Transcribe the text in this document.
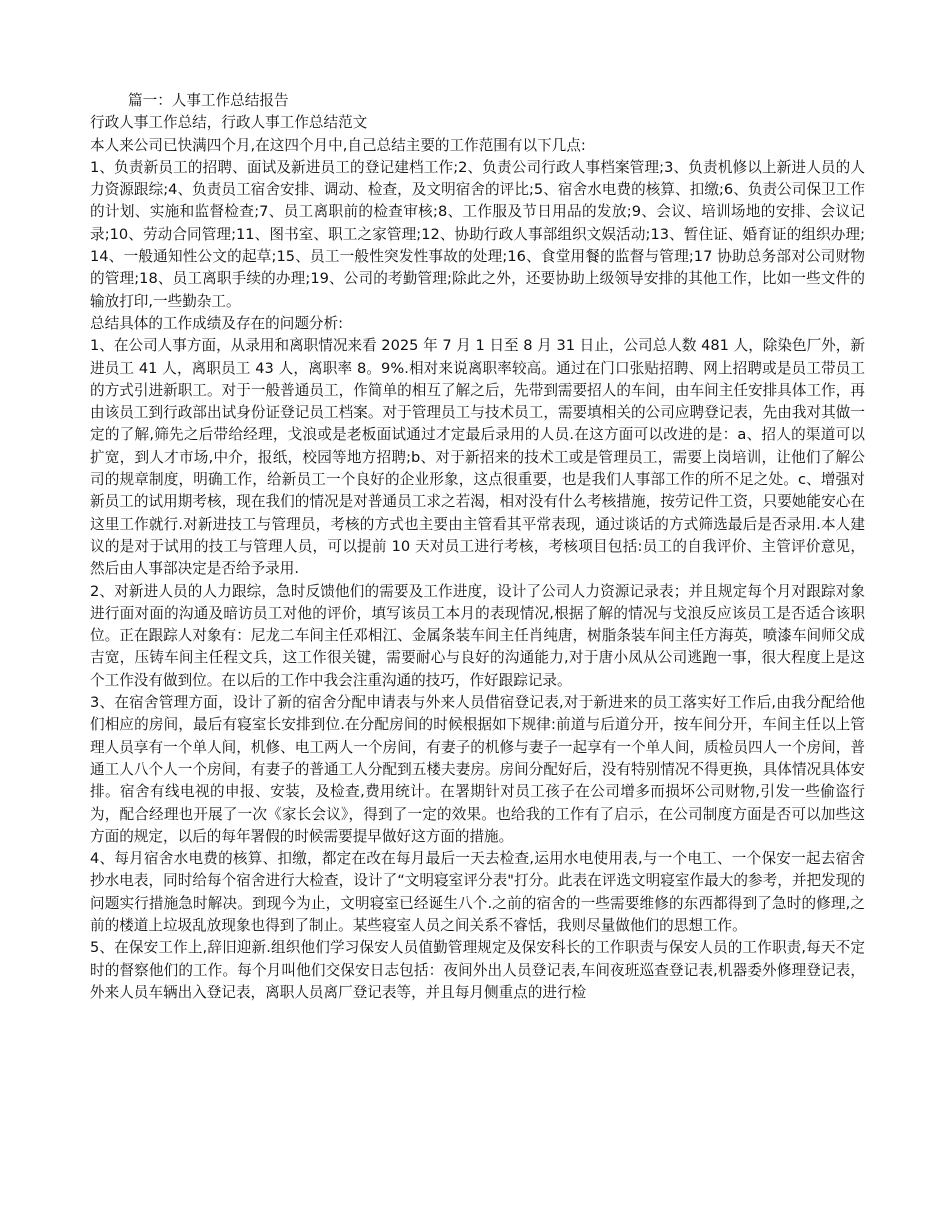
篇一：人事工作总结报告

行政人事工作总结，行政人事工作总结范文

本人来公司已快满四个月,在这四个月中,自己总结主要的工作范围有以下几点:

1、负责新员工的招聘、面试及新进员工的登记建档工作;2、负责公司行政人事档案管理;3、负责机修以上新进人员的人力资源跟综;4、负责员工宿舍安排、调动、检查，及文明宿舍的评比;5、宿舍水电费的核算、扣缴;6、负责公司保卫工作的计划、实施和监督检查;7、员工离职前的检查审核;8、工作服及节日用品的发放;9、会议、培训场地的安排、会议记录;10、劳动合同管理;11、图书室、职工之家管理;12、协助行政人事部组织文娱活动;13、暂住证、婚育证的组织办理;14、一般通知性公文的起草;15、员工一般性突发性事故的处理;16、食堂用餐的监督与管理;17 协助总务部对公司财物的管理;18、员工离职手续的办理;19、公司的考勤管理;除此之外，还要协助上级领导安排的其他工作，比如一些文件的输放打印,一些勤杂工。

总结具体的工作成绩及存在的问题分析:

1、在公司人事方面，从录用和离职情况来看 2025 年 7 月 1 日至 8 月 31 日止，公司总人数 481 人，除染色厂外，新进员工 41 人，离职员工 43 人，离职率 8。9%.相对来说离职率较高。通过在门口张贴招聘、网上招聘或是员工带员工的方式引进新职工。对于一般普通员工，作简单的相互了解之后，先带到需要招人的车间，由车间主任安排具体工作，再由该员工到行政部出试身份证登记员工档案。对于管理员工与技术员工，需要填相关的公司应聘登记表，先由我对其做一定的了解,筛先之后带给经理，戈浪或是老板面试通过才定最后录用的人员.在这方面可以改进的是：a、招人的渠道可以扩宽，到人才市场,中介，报纸，校园等地方招聘;b、对于新招来的技术工或是管理员工，需要上岗培训，让他们了解公司的规章制度，明确工作，给新员工一个良好的企业形象，这点很重要，也是我们人事部工作的所不足之处。c、增强对新员工的试用期考核，现在我们的情况是对普通员工求之若渴，相对没有什么考核措施，按劳记件工资，只要她能安心在这里工作就行.对新进技工与管理员，考核的方式也主要由主管看其平常表现，通过谈话的方式筛选最后是否录用.本人建议的是对于试用的技工与管理人员，可以提前 10 天对员工进行考核，考核项目包括:员工的自我评价、主管评价意见，然后由人事部决定是否给予录用.

2、对新进人员的人力跟综，急时反馈他们的需要及工作进度，设计了公司人力资源记录表；并且规定每个月对跟踪对象进行面对面的沟通及暗访员工对他的评价，填写该员工本月的表现情况,根据了解的情况与戈浪反应该员工是否适合该职位。正在跟踪人对象有：尼龙二车间主任邓相江、金属条装车间主任肖纯唐，树脂条装车间主任方海英，喷漆车间师父成吉宽，压铸车间主任程文兵，这工作很关键，需要耐心与良好的沟通能力,对于唐小凤从公司逃跑一事，很大程度上是这个工作没有做到位。在以后的工作中我会注重沟通的技巧，作好跟踪记录。

3、在宿舍管理方面，设计了新的宿舍分配申请表与外来人员借宿登记表,对于新进来的员工落实好工作后,由我分配给他们相应的房间，最后有寝室长安排到位.在分配房间的时候根据如下规律:前道与后道分开，按车间分开，车间主任以上管理人员享有一个单人间，机修、电工两人一个房间，有妻子的机修与妻子一起享有一个单人间，质检员四人一个房间，普通工人八个人一个房间，有妻子的普通工人分配到五楼夫妻房。房间分配好后，没有特别情况不得更换，具体情况具体安排。宿舍有线电视的申报、安装，及检查,费用统计。在署期针对员工孩子在公司增多而损坏公司财物,引发一些偷盗行为，配合经理也开展了一次《家长会议》，得到了一定的效果。也给我的工作有了启示，在公司制度方面是否可以加些这方面的规定，以后的每年署假的时候需要提早做好这方面的措施。

4、每月宿舍水电费的核算、扣缴，都定在改在每月最后一天去检查,运用水电使用表,与一个电工、一个保安一起去宿舍抄水电表，同时给每个宿舍进行大检查，设计了“文明寝室评分表"打分。此表在评选文明寝室作最大的参考，并把发现的问题实行措施急时解决。到现今为止，文明寝室已经诞生八个.之前的宿舍的一些需要维修的东西都得到了急时的修理,之前的楼道上垃圾乱放现象也得到了制止。某些寝室人员之间关系不睿恬，我则尽量做他们的思想工作。

5、在保安工作上,辞旧迎新.组织他们学习保安人员值勤管理规定及保安科长的工作职责与保安人员的工作职责,每天不定时的督察他们的工作。每个月叫他们交保安日志包括：夜间外出人员登记表,车间夜班巡查登记表,机器委外修理登记表，外来人员车辆出入登记表，离职人员离厂登记表等，并且每月侧重点的进行检
